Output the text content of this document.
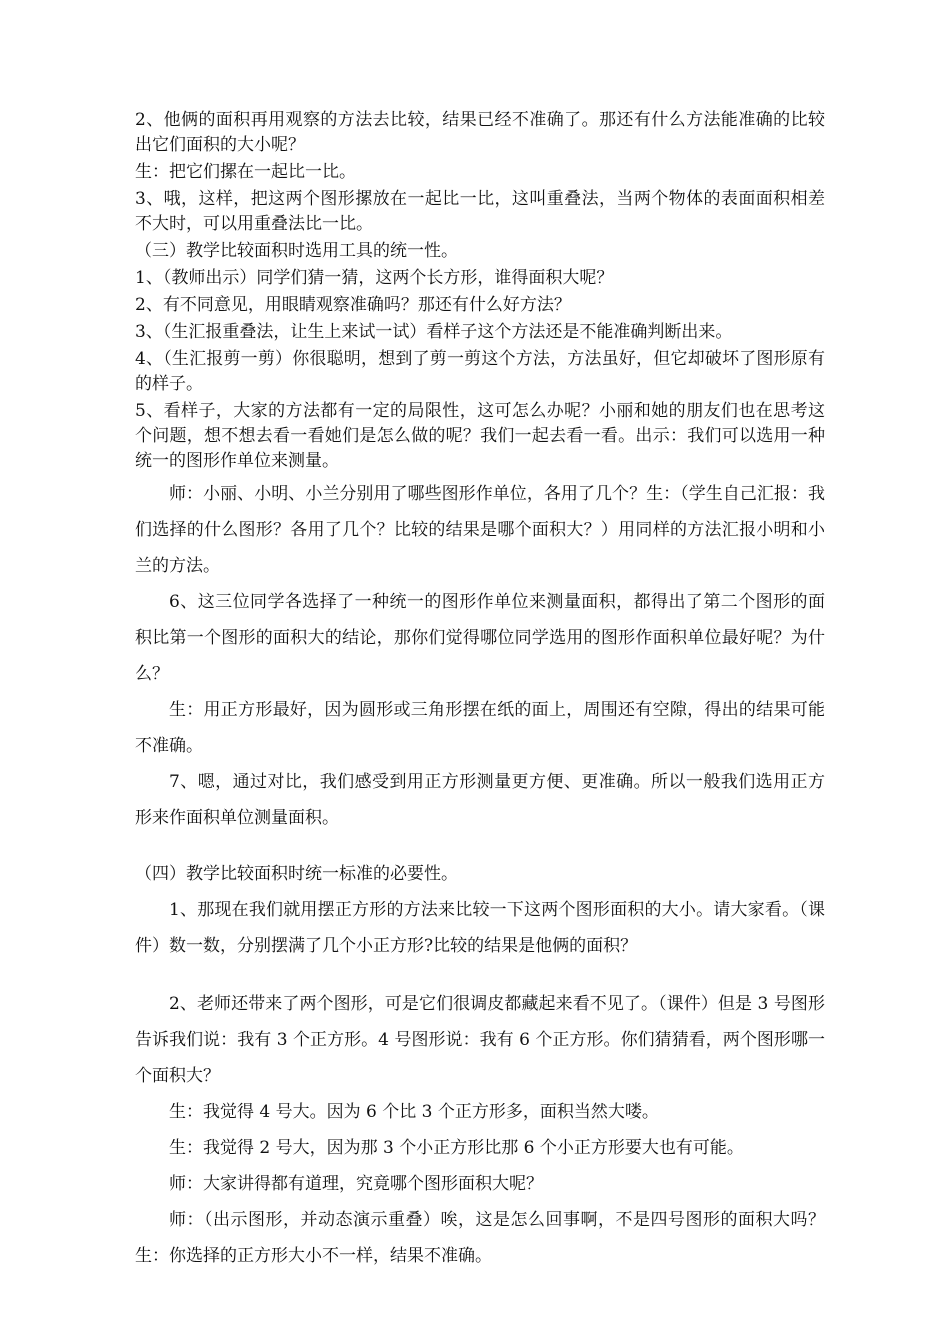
2、他俩的面积再用观察的方法去比较，结果已经不准确了。那还有什么方法能准确的比较出它们面积的大小呢？

生：把它们摞在一起比一比。

3、哦，这样，把这两个图形摞放在一起比一比，这叫重叠法，当两个物体的表面面积相差不大时，可以用重叠法比一比。

（三）教学比较面积时选用工具的统一性。

1、（教师出示）同学们猜一猜，这两个长方形，谁得面积大呢？

2、有不同意见，用眼睛观察准确吗？那还有什么好方法？

3、（生汇报重叠法，让生上来试一试）看样子这个方法还是不能准确判断出来。

4、（生汇报剪一剪）你很聪明，想到了剪一剪这个方法，方法虽好，但它却破坏了图形原有的样子。

5、看样子，大家的方法都有一定的局限性，这可怎么办呢？小丽和她的朋友们也在思考这个问题，想不想去看一看她们是怎么做的呢？我们一起去看一看。出示：我们可以选用一种统一的图形作单位来测量。

师：小丽、小明、小兰分别用了哪些图形作单位，各用了几个？生：（学生自己汇报：我们选择的什么图形？各用了几个？比较的结果是哪个面积大？）用同样的方法汇报小明和小兰的方法。

6、这三位同学各选择了一种统一的图形作单位来测量面积，都得出了第二个图形的面积比第一个图形的面积大的结论，那你们觉得哪位同学选用的图形作面积单位最好呢？为什么？

生：用正方形最好，因为圆形或三角形摆在纸的面上，周围还有空隙，得出的结果可能不准确。

7、嗯，通过对比，我们感受到用正方形测量更方便、更准确。所以一般我们选用正方形来作面积单位测量面积。

（四）教学比较面积时统一标准的必要性。

1、那现在我们就用摆正方形的方法来比较一下这两个图形面积的大小。请大家看。（课件）数一数，分别摆满了几个小正方形?比较的结果是他俩的面积？

2、老师还带来了两个图形，可是它们很调皮都藏起来看不见了。（课件）但是 3 号图形告诉我们说：我有 3 个正方形。4 号图形说：我有 6 个正方形。你们猜猜看，两个图形哪一个面积大？

生：我觉得 4 号大。因为 6 个比 3 个正方形多，面积当然大喽。

生：我觉得 2 号大，因为那 3 个小正方形比那 6 个小正方形要大也有可能。

师：大家讲得都有道理，究竟哪个图形面积大呢？

师：（出示图形，并动态演示重叠）唉，这是怎么回事啊，不是四号图形的面积大吗？生：你选择的正方形大小不一样，结果不准确。
